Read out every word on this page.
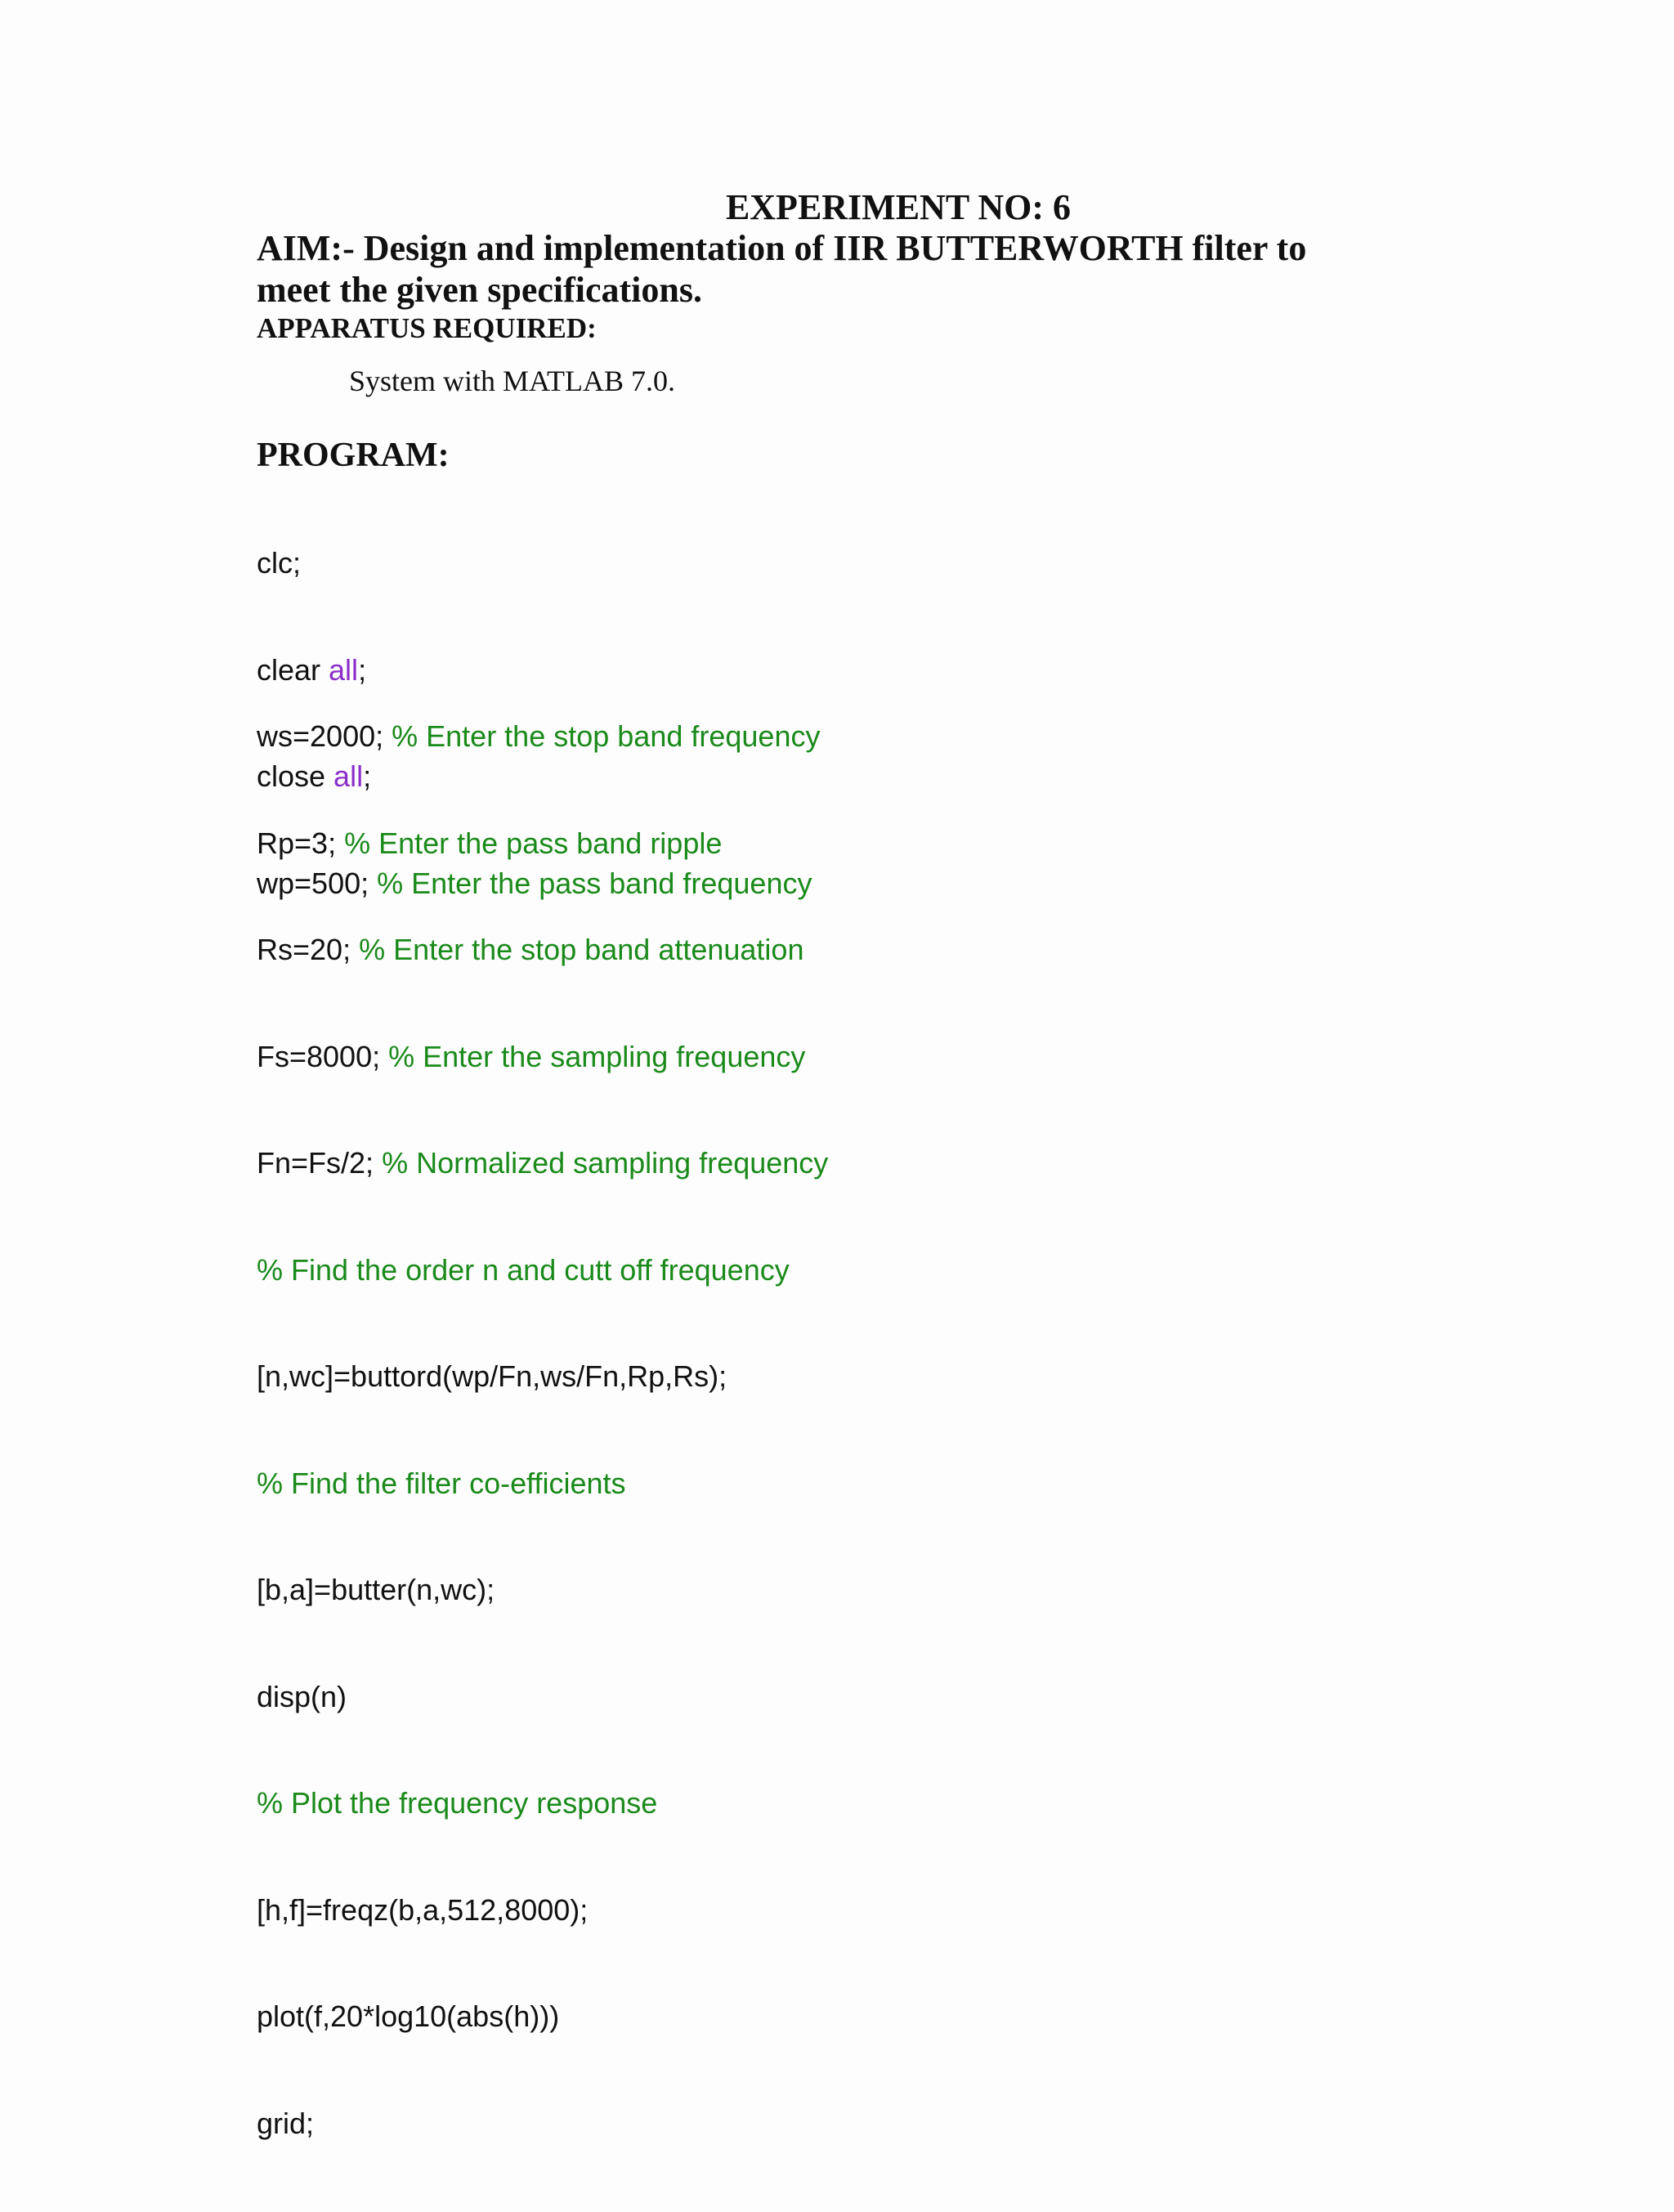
EXPERIMENT NO: 6

AIM:- Design and implementation of IIR BUTTERWORTH filter to meet the given specifications.

APPARATUS REQUIRED:

System with MATLAB 7.0.

PROGRAM:

clc;

clear all;

close all;

wp=500; % Enter the pass band frequency

ws=2000; % Enter the stop band frequency

Rp=3; % Enter the pass band ripple

Rs=20; % Enter the stop band attenuation

Fs=8000; % Enter the sampling frequency

Fn=Fs/2; % Normalized sampling frequency

% Find the order n and cutt off frequency

[n,wc]=buttord(wp/Fn,ws/Fn,Rp,Rs);

% Find the filter co-efficients

[b,a]=butter(n,wc);

disp(n)

% Plot the frequency response

[h,f]=freqz(b,a,512,8000);

plot(f,20*log10(abs(h)))

grid;
